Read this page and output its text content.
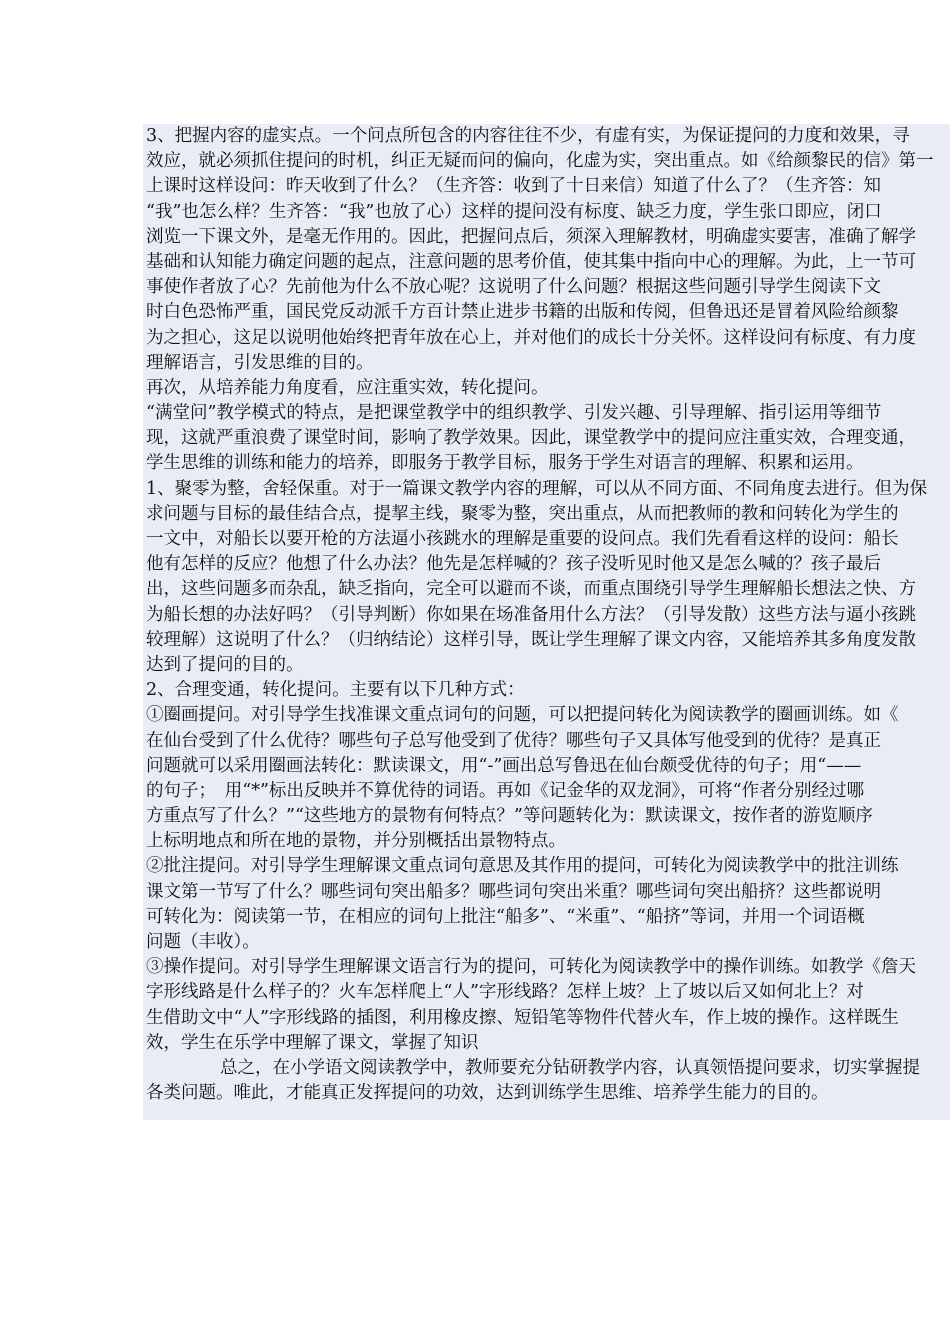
3、把握内容的虚实点。一个问点所包含的内容往往不少，有虚有实，为保证提问的力度和效果，寻
效应，就必须抓住提问的时机，纠正无疑而问的偏向，化虚为实，突出重点。如《给颜黎民的信》第一
上课时这样设问：昨天收到了什么？（生齐答：收到了十日来信）知道了什么了？（生齐答：知
“我”也怎么样？生齐答：“我”也放了心）这样的提问没有标度、缺乏力度，学生张口即应，闭口
浏览一下课文外，是毫无作用的。因此，把握问点后，须深入理解教材，明确虚实要害，准确了解学
基础和认知能力确定问题的起点，注意问题的思考价值，使其集中指向中心的理解。为此，上一节可
事使作者放了心？先前他为什么不放心呢？这说明了什么问题？根据这些问题引导学生阅读下文
时白色恐怖严重，国民党反动派千方百计禁止进步书籍的出版和传阅，但鲁迅还是冒着风险给颜黎
为之担心，这足以说明他始终把青年放在心上，并对他们的成长十分关怀。这样设问有标度、有力度
理解语言，引发思维的目的。
再次，从培养能力角度看，应注重实效，转化提问。
“满堂问”教学模式的特点，是把课堂教学中的组织教学、引发兴趣、引导理解、指引运用等细节
现，这就严重浪费了课堂时间，影响了教学效果。因此，课堂教学中的提问应注重实效，合理变通，
学生思维的训练和能力的培养，即服务于教学目标，服务于学生对语言的理解、积累和运用。
1、聚零为整，舍轻保重。对于一篇课文教学内容的理解，可以从不同方面、不同角度去进行。但为保
求问题与目标的最佳结合点，提挈主线，聚零为整，突出重点，从而把教师的教和问转化为学生的
一文中，对船长以要开枪的方法逼小孩跳水的理解是重要的设问点。我们先看看这样的设问：船长
他有怎样的反应？他想了什么办法？他先是怎样喊的？孩子没听见时他又是怎么喊的？孩子最后
出，这些问题多而杂乱，缺乏指向，完全可以避而不谈，而重点围绕引导学生理解船长想法之快、方
为船长想的办法好吗？（引导判断）你如果在场准备用什么方法？（引导发散）这些方法与逼小孩跳
较理解）这说明了什么？（归纳结论）这样引导，既让学生理解了课文内容，又能培养其多角度发散
达到了提问的目的。
2、合理变通，转化提问。主要有以下几种方式：
①圈画提问。对引导学生找准课文重点词句的问题，可以把提问转化为阅读教学的圈画训练。如《
在仙台受到了什么优待？哪些句子总写他受到了优待？哪些句子又具体写他受到的优待？是真正
问题就可以采用圈画法转化：默读课文，用“-”画出总写鲁迅在仙台颇受优待的句子；用“——
的句子；　用“*”标出反映并不算优待的词语。再如《记金华的双龙洞》，可将“作者分别经过哪
方重点写了什么？”“这些地方的景物有何特点？”等问题转化为：默读课文，按作者的游览顺序
上标明地点和所在地的景物，并分别概括出景物特点。
②批注提问。对引导学生理解课文重点词句意思及其作用的提问，可转化为阅读教学中的批注训练
课文第一节写了什么？哪些词句突出船多？哪些词句突出米重？哪些词句突出船挤？这些都说明
可转化为：阅读第一节，在相应的词句上批注“船多”、“米重”、“船挤”等词，并用一个词语概
问题（丰收）。
③操作提问。对引导学生理解课文语言行为的提问，可转化为阅读教学中的操作训练。如教学《詹天
字形线路是什么样子的？火车怎样爬上“人”字形线路？怎样上坡？上了坡以后又如何北上？对
生借助文中“人”字形线路的插图，利用橡皮擦、短铅笔等物件代替火车，作上坡的操作。这样既生
效，学生在乐学中理解了课文，掌握了知识
总之，在小学语文阅读教学中，教师要充分钻研教学内容，认真领悟提问要求，切实掌握提
各类问题。唯此，才能真正发挥提问的功效，达到训练学生思维、培养学生能力的目的。
